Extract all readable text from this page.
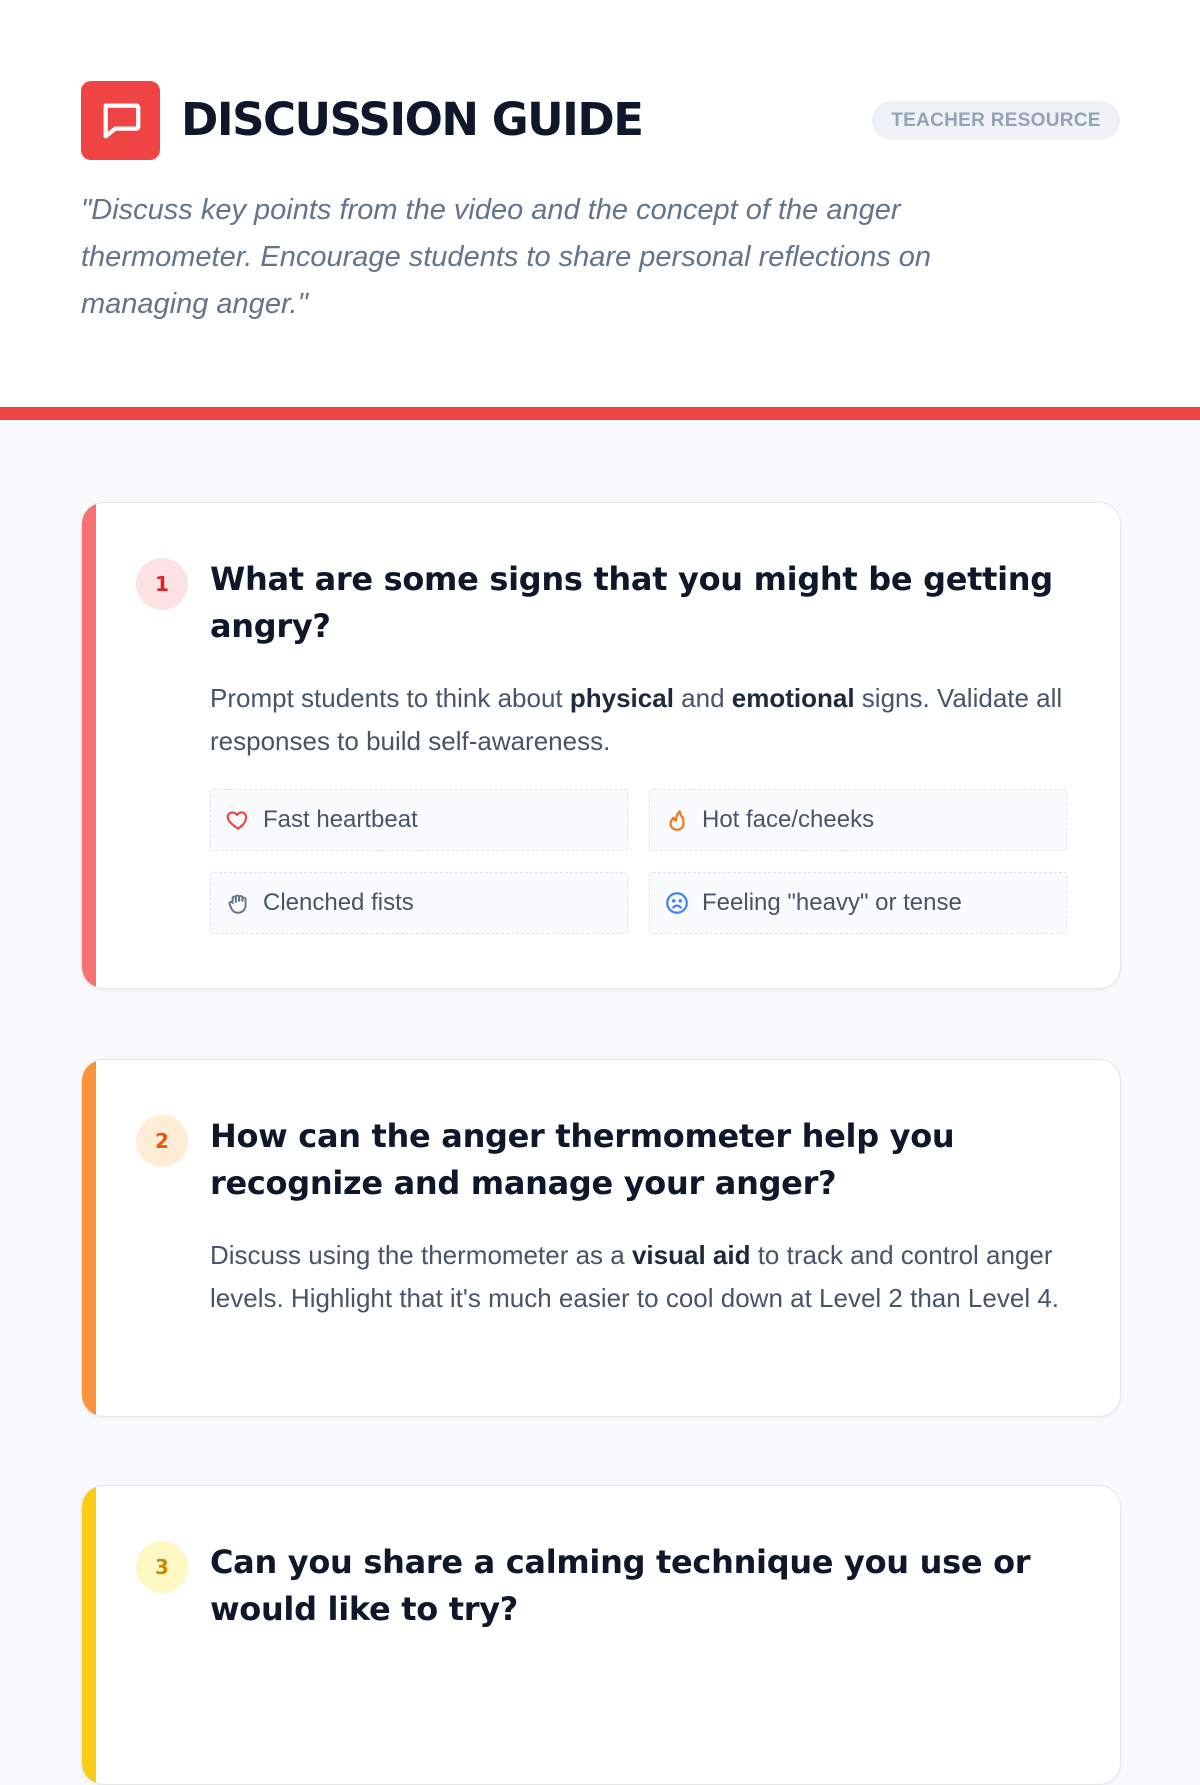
DISCUSSION GUIDE	TEACHER RESOURCE
"Discuss key points from the video and the concept of the anger thermometer. Encourage students to share personal reflections on managing anger."
1	What are some signs that you might be getting angry?
Prompt students to think about physical and emotional signs. Validate all responses to build self-awareness.
Fast heartbeat	Hot face/cheeks
Clenched fists	Feeling "heavy" or tense
2	How can the anger thermometer help you recognize and manage your anger?
Discuss using the thermometer as a visual aid to track and control anger levels. Highlight that it's much easier to cool down at Level 2 than Level 4.
3	Can you share a calming technique you use or would like to try?
